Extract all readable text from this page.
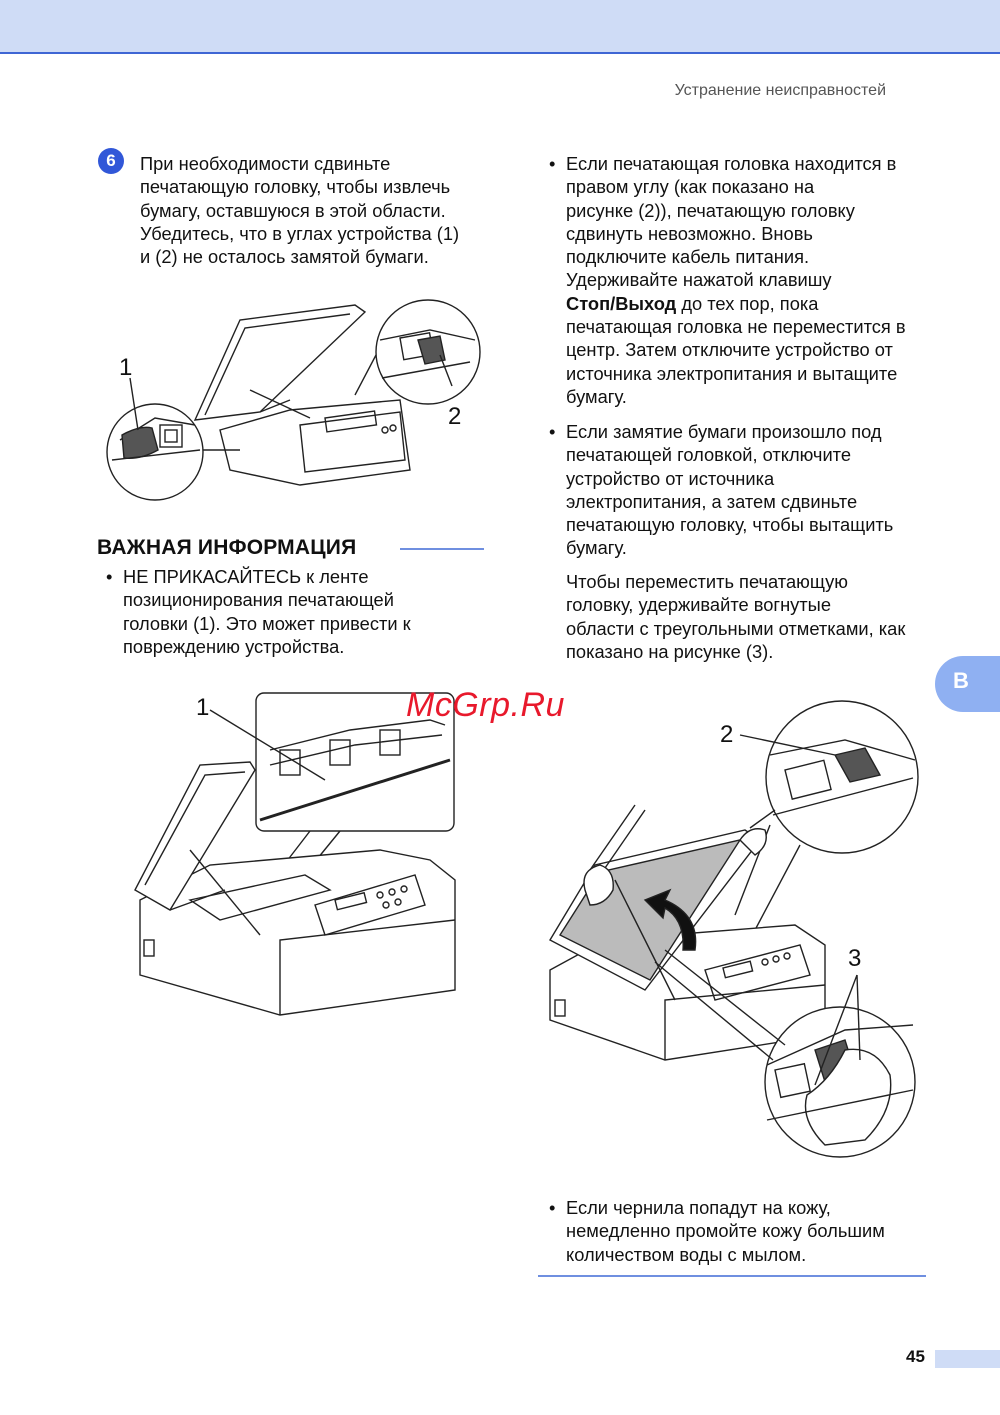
Устранение неисправностей
6	При необходимости сдвиньте
печатающую головку, чтобы извлечь
бумагу, оставшуюся в этой области.
Убедитесь, что в углах устройства (1)
и (2) не осталось замятой бумаги.
1
2
ВАЖНАЯ ИНФОРМАЦИЯ
• НЕ ПРИКАСАЙТЕСЬ к ленте
позиционирования печатающей
головки (1). Это может привести к
повреждению устройства.
1
• Если печатающая головка находится в
правом углу (как показано на
рисунке (2)), печатающую головку
сдвинуть невозможно. Вновь
подключите кабель питания.
Удерживайте нажатой клавишу
Стоп/Выход до тех пор, пока
печатающая головка не переместится в
центр. Затем отключите устройство от
источника электропитания и вытащите
бумагу.
• Если замятие бумаги произошло под
печатающей головкой, отключите
устройство от источника
электропитания, а затем сдвиньте
печатающую головку, чтобы вытащить
бумагу.
Чтобы переместить печатающую
головку, удерживайте вогнутые
области с треугольными отметками, как
показано на рисунке (3).
2
3
• Если чернила попадут на кожу,
немедленно промойте кожу большим
количеством воды с мылом.
B
McGrp.Ru
45
